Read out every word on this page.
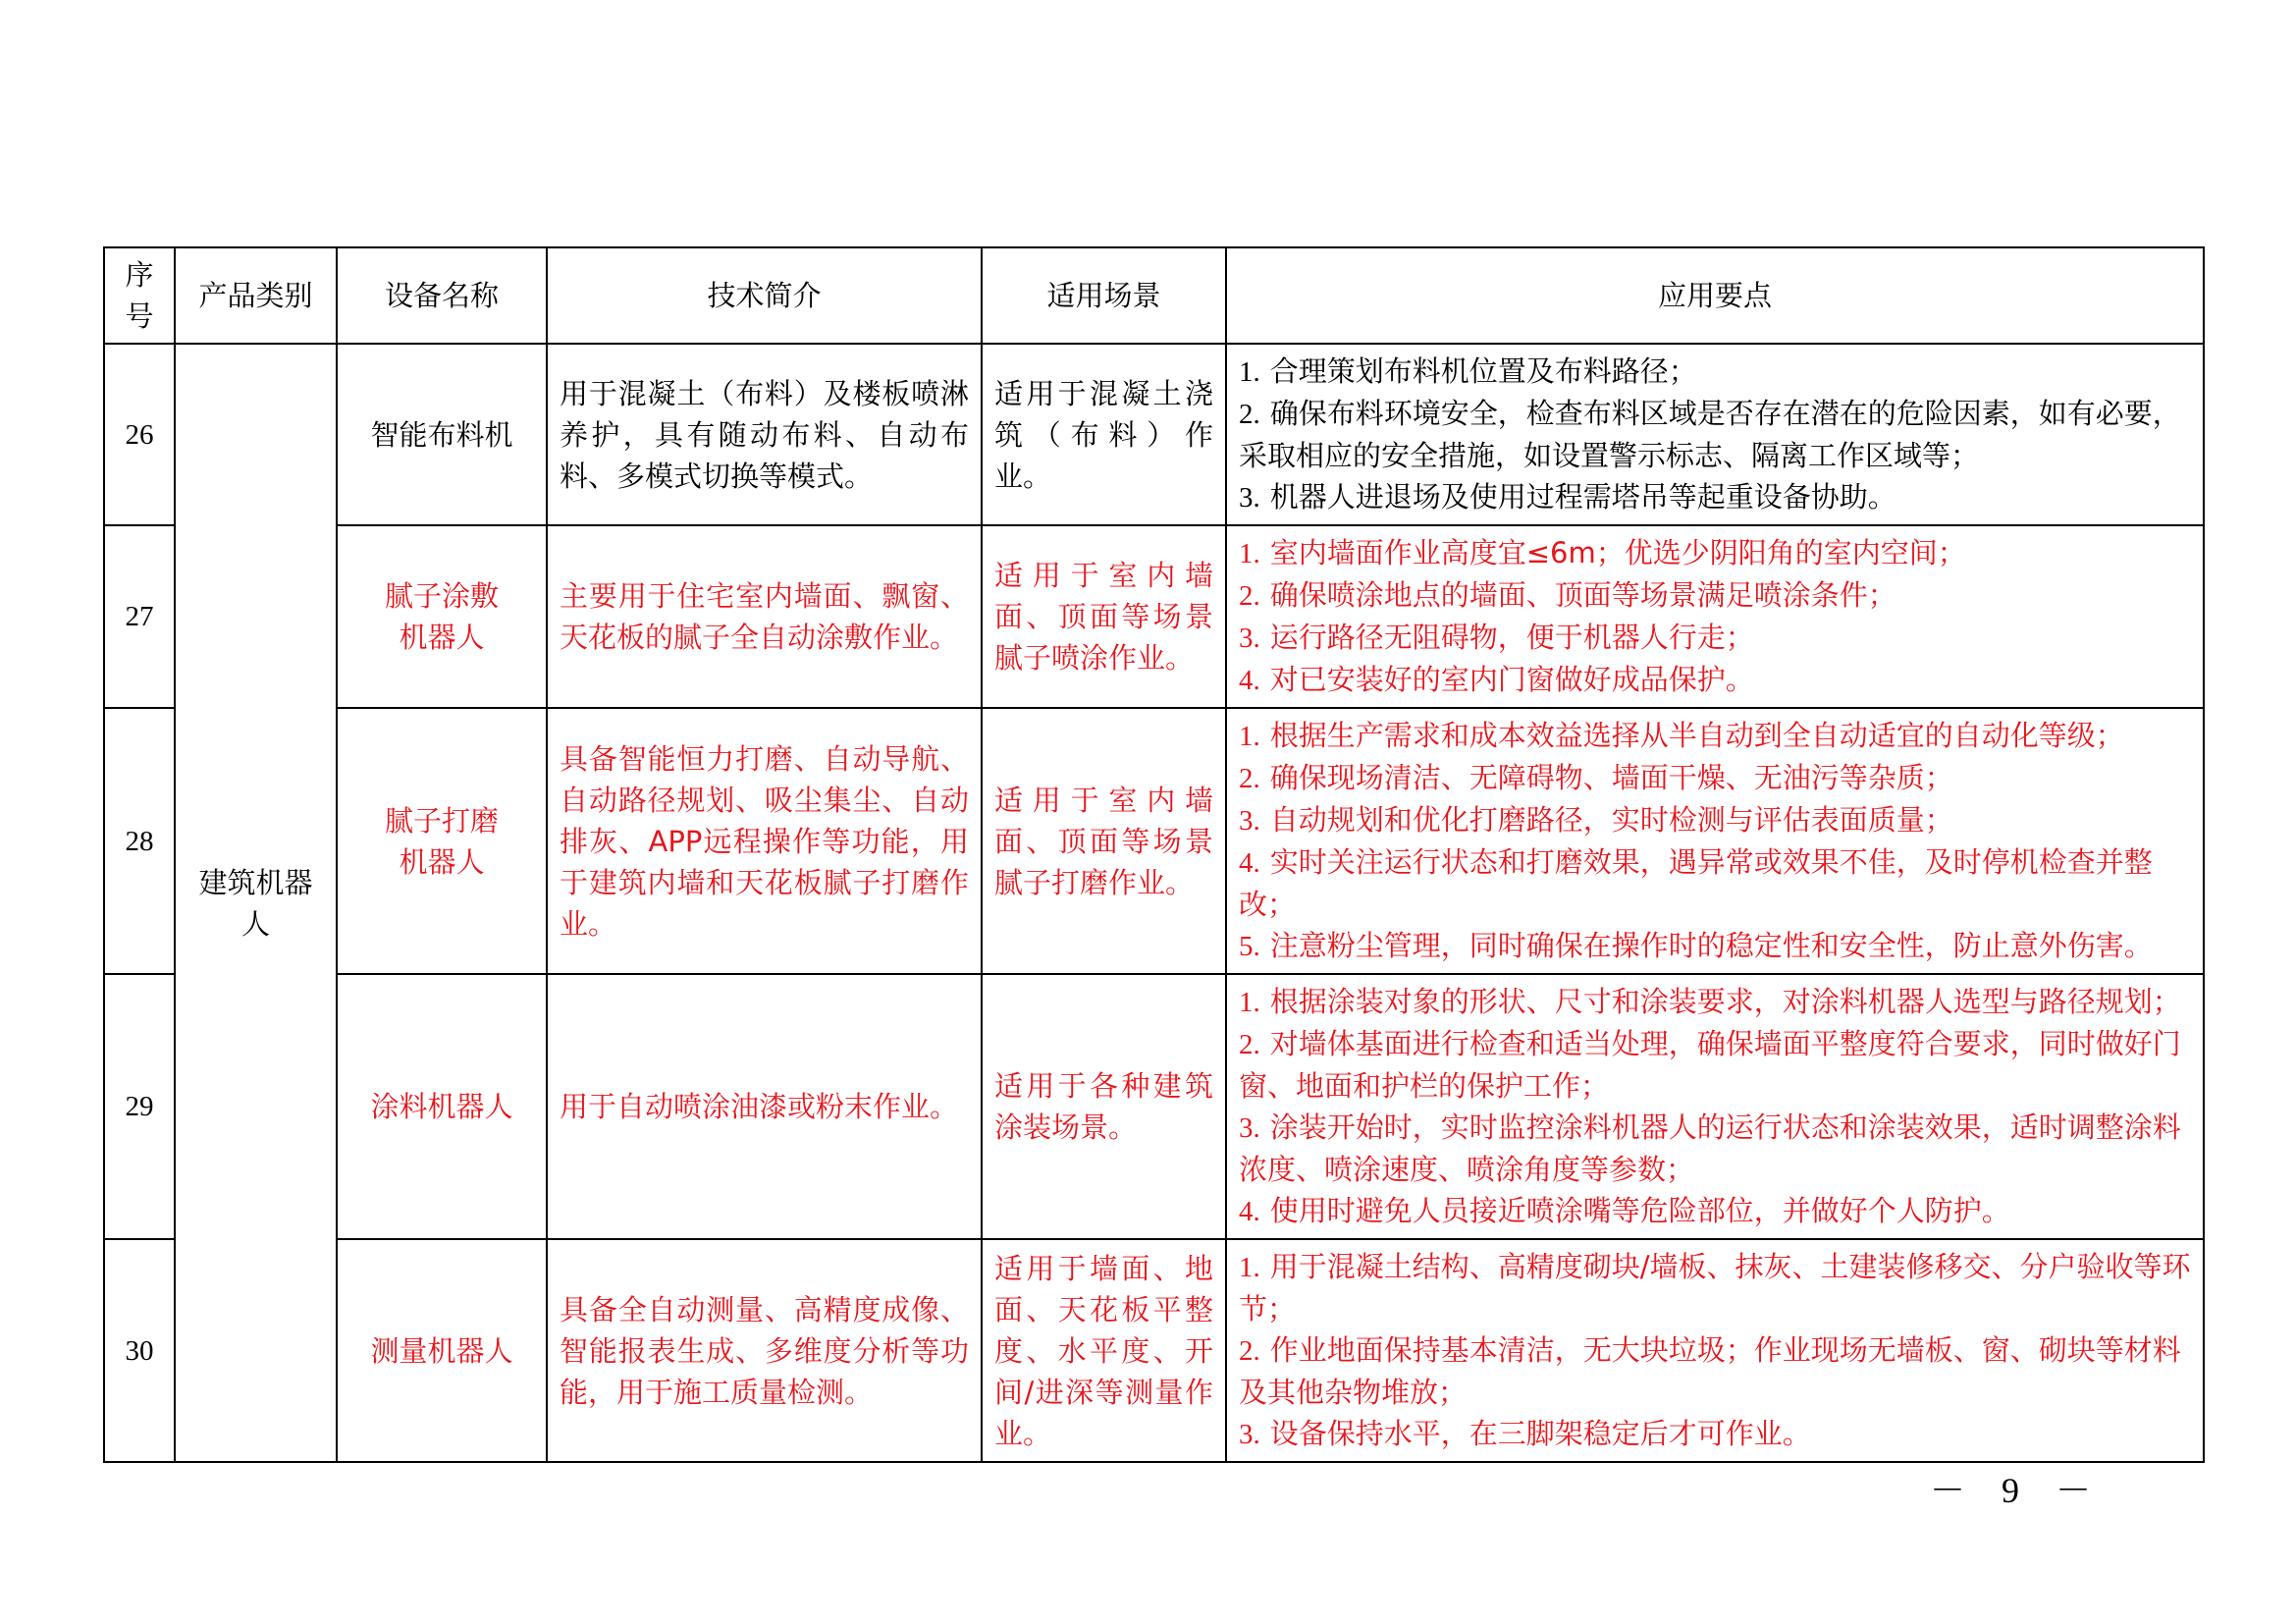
序号	产品类别	设备名称	技术简介	适用场景	应用要点
26	建筑机器人	智能布料机	用于混凝土（布料）及楼板喷淋养护，具有随动布料、自动布料、多模式切换等模式。	适用于混凝土浇筑（布料）作业。	1. 合理策划布料机位置及布料路径；

2. 确保布料环境安全，检查布料区域是否存在潜在的危险因素，如有必要，采取相应的安全措施，如设置警示标志、隔离工作区域等；

3. 机器人进退场及使用过程需塔吊等起重设备协助。

27		腻子涂敷机器人	主要用于住宅室内墙面、飘窗、天花板的腻子全自动涂敷作业。	适用于室内墙面、顶面等场景腻子喷涂作业。	1. 室内墙面作业高度宜≤6m；优选少阴阳角的室内空间；

2. 确保喷涂地点的墙面、顶面等场景满足喷涂条件；

3. 运行路径无阻碍物，便于机器人行走；

4. 对已安装好的室内门窗做好成品保护。

28		腻子打磨机器人	具备智能恒力打磨、自动导航、自动路径规划、吸尘集尘、自动排灰、APP远程操作等功能，用于建筑内墙和天花板腻子打磨作业。	适用于室内墙面、顶面等场景腻子打磨作业。	1. 根据生产需求和成本效益选择从半自动到全自动适宜的自动化等级；

2. 确保现场清洁、无障碍物、墙面干燥、无油污等杂质；

3. 自动规划和优化打磨路径，实时检测与评估表面质量；

4. 实时关注运行状态和打磨效果，遇异常或效果不佳，及时停机检查并整改；

5. 注意粉尘管理，同时确保在操作时的稳定性和安全性，防止意外伤害。

29		涂料机器人	用于自动喷涂油漆或粉末作业。	适用于各种建筑涂装场景。	1. 根据涂装对象的形状、尺寸和涂装要求，对涂料机器人选型与路径规划；

2. 对墙体基面进行检查和适当处理，确保墙面平整度符合要求，同时做好门窗、地面和护栏的保护工作；

3. 涂装开始时，实时监控涂料机器人的运行状态和涂装效果，适时调整涂料浓度、喷涂速度、喷涂角度等参数；

4. 使用时避免人员接近喷涂嘴等危险部位，并做好个人防护。

30		测量机器人	具备全自动测量、高精度成像、智能报表生成、多维度分析等功能，用于施工质量检测。	适用于墙面、地面、天花板平整度、水平度、开间/进深等测量作业。	1. 用于混凝土结构、高精度砌块/墙板、抹灰、土建装修移交、分户验收等环节；

2. 作业地面保持基本清洁，无大块垃圾；作业现场无墙板、窗、砌块等材料及其他杂物堆放；

3. 设备保持水平，在三脚架稳定后才可作业。

－ 9 －
